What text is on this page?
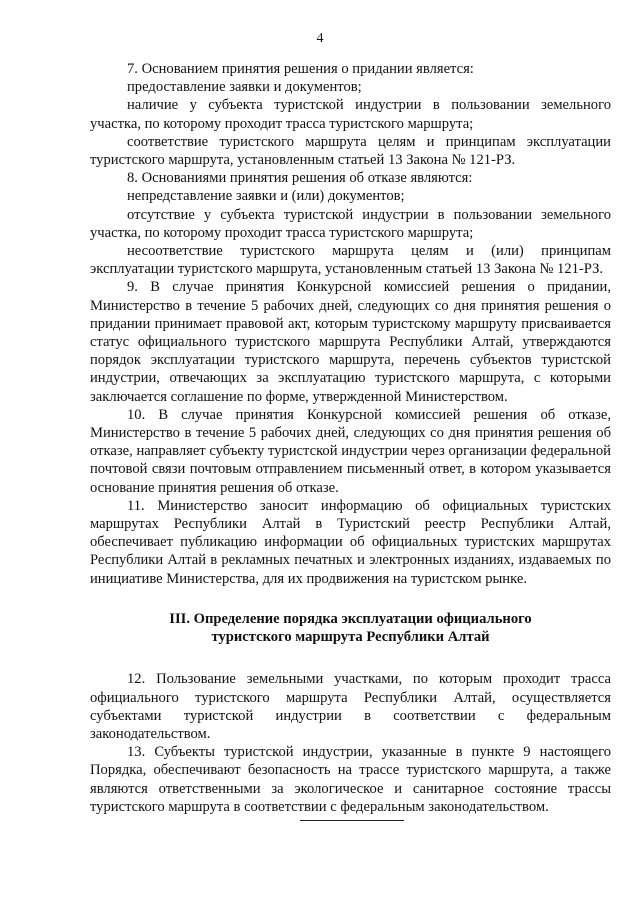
4

7. Основанием принятия решения о придании является:

предоставление заявки и документов;

наличие у субъекта туристской индустрии в пользовании земельного участка, по которому проходит трасса туристского маршрута;

соответствие туристского маршрута целям и принципам эксплуатации туристского маршрута, установленным статьей 13 Закона № 121-РЗ.

8. Основаниями принятия решения об отказе являются:

непредставление заявки и (или) документов;

отсутствие у субъекта туристской индустрии в пользовании земельного участка, по которому проходит трасса туристского маршрута;

несоответствие туристского маршрута целям и (или) принципам эксплуатации туристского маршрута, установленным статьей 13 Закона № 121-РЗ.

9. В случае принятия Конкурсной комиссией решения о придании, Министерство в течение 5 рабочих дней, следующих со дня принятия решения о придании принимает правовой акт, которым туристскому маршруту присваивается статус официального туристского маршрута Республики Алтай, утверждаются порядок эксплуатации туристского маршрута, перечень субъектов туристской индустрии, отвечающих за эксплуатацию туристского маршрута, с которыми заключается соглашение по форме, утвержденной Министерством.

10. В случае принятия Конкурсной комиссией решения об отказе, Министерство в течение 5 рабочих дней, следующих со дня принятия решения об отказе, направляет субъекту туристской индустрии через организации федеральной почтовой связи почтовым отправлением письменный ответ, в котором указывается основание принятия решения об отказе.

11. Министерство заносит информацию об официальных туристских маршрутах Республики Алтай в Туристский реестр Республики Алтай, обеспечивает публикацию информации об официальных туристских маршрутах Республики Алтай в рекламных печатных и электронных изданиях, издаваемых по инициативе Министерства, для их продвижения на туристском рынке.

III. Определение порядка эксплуатации официального

туристского маршрута Республики Алтай

12. Пользование земельными участками, по которым проходит трасса официального туристского маршрута Республики Алтай, осуществляется субъектами туристской индустрии в соответствии с федеральным законодательством.

13. Субъекты туристской индустрии, указанные в пункте 9 настоящего Порядка, обеспечивают безопасность на трассе туристского маршрута, а также являются ответственными за экологическое и санитарное состояние трассы туристского маршрута в соответствии с федеральным законодательством.
